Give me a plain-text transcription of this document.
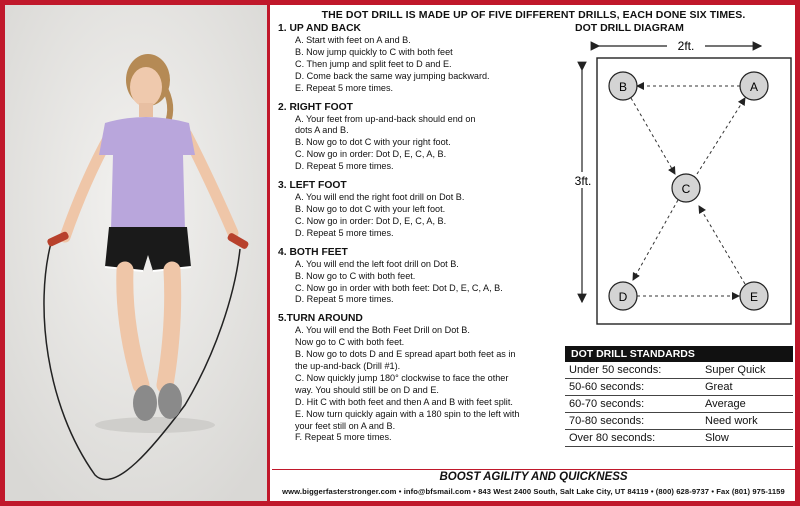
THE DOT DRILL IS MADE UP OF FIVE DIFFERENT DRILLS, EACH DONE SIX TIMES.
1. UP AND BACK
A. Start with feet on A and B.
B. Now jump quickly to C with both feet
C. Then jump and split feet to D and E.
D. Come back the same way jumping backward.
E. Repeat 5 more times.
2. RIGHT FOOT
A. Your feet from up-and-back should end on
dots A and B.
B. Now go to dot C with your right foot.
C. Now go in order: Dot D, E, C, A, B.
D. Repeat 5 more times.
3. LEFT FOOT
A. You will end the right foot drill on Dot B.
B. Now go to dot C with your left foot.
C. Now go in order: Dot D, E, C, A, B.
D. Repeat 5 more times.
4. BOTH FEET
A. You will end the left foot drill on Dot B.
B. Now go to C with both feet.
C. Now go in order with both feet: Dot D, E, C, A, B.
D. Repeat 5 more times.
5.TURN AROUND
A. You will end the Both Feet Drill on Dot B.
Now go to C with both feet.
B. Now go to dots D and E spread apart both feet as in
the up-and-back (Drill #1).
C. Now quickly jump 180° clockwise to face the other
way. You should still be on D and E.
D. Hit C with both feet and then A and B with feet split.
E. Now turn quickly again with a 180 spin to the left with
your feet still on A and B.
F. Repeat 5 more times.
DOT DRILL DIAGRAM
2ft.
3ft.
A
B
C
D	E
DOT DRILL STANDARDS
Under 50 seconds:	Super Quick
50-60 seconds:	Great
60-70 seconds:	Average
70-80 seconds:	Need work
Over 80 seconds:	Slow
BOOST AGILITY AND QUICKNESS
www.biggerfasterstronger.com • info@bfsmail.com • 843 West 2400 South, Salt Lake City, UT 84119 • (800) 628-9737 • Fax (801) 975-1159
